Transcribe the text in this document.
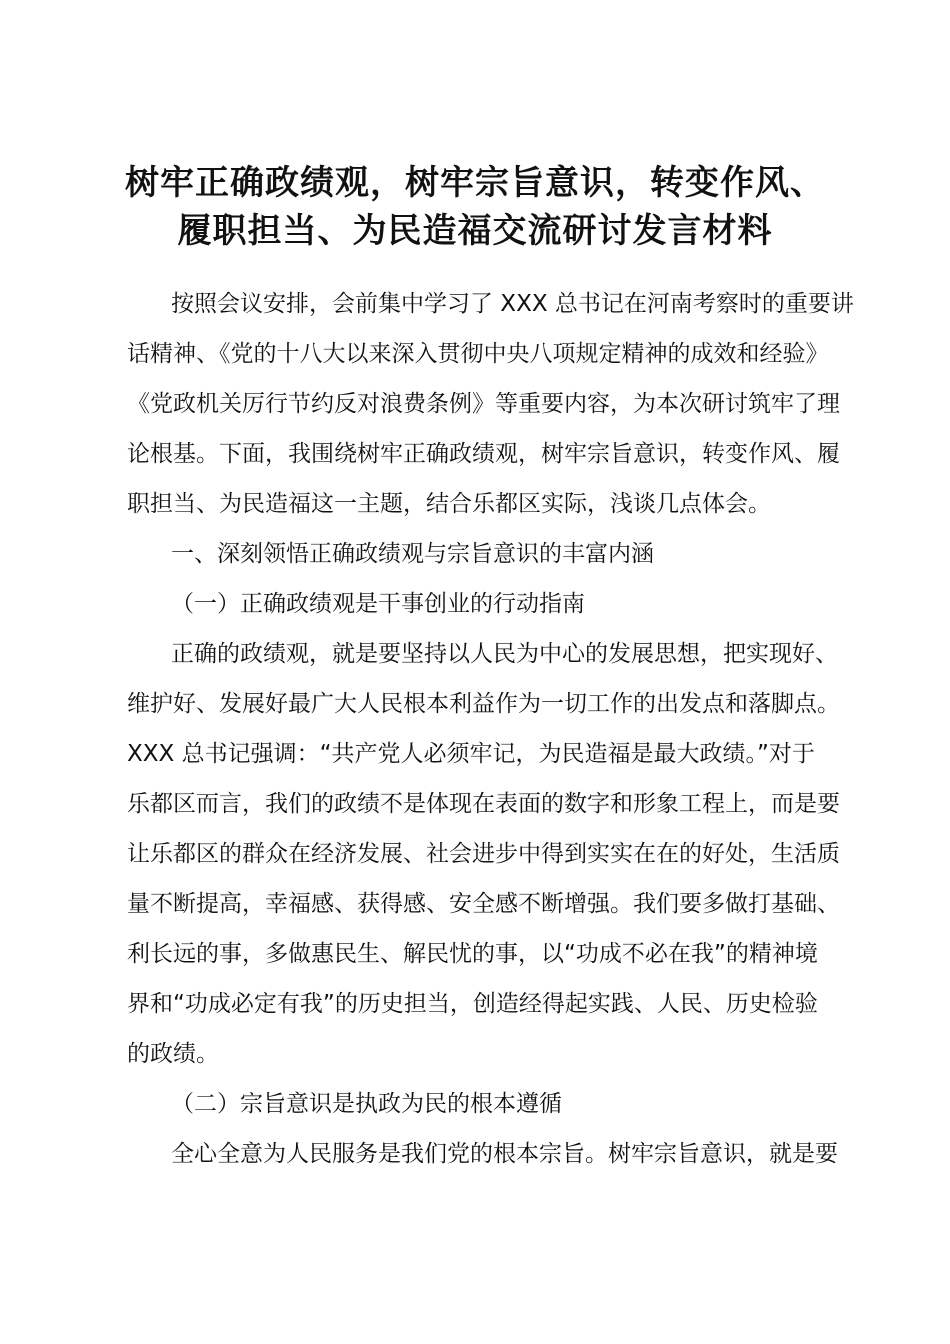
树牢正确政绩观，树牢宗旨意识，转变作风、
履职担当、为民造福交流研讨发言材料
按照会议安排，会前集中学习了 XXX 总书记在河南考察时的重要讲
话精神、《党的十八大以来深入贯彻中央八项规定精神的成效和经验》
《党政机关厉行节约反对浪费条例》等重要内容，为本次研讨筑牢了理
论根基。下面，我围绕树牢正确政绩观，树牢宗旨意识，转变作风、履
职担当、为民造福这一主题，结合乐都区实际，浅谈几点体会。
一、深刻领悟正确政绩观与宗旨意识的丰富内涵
（一）正确政绩观是干事创业的行动指南
正确的政绩观，就是要坚持以人民为中心的发展思想，把实现好、
维护好、发展好最广大人民根本利益作为一切工作的出发点和落脚点。
XXX 总书记强调：“共产党人必须牢记，为民造福是最大政绩。”对于
乐都区而言，我们的政绩不是体现在表面的数字和形象工程上，而是要
让乐都区的群众在经济发展、社会进步中得到实实在在的好处，生活质
量不断提高，幸福感、获得感、安全感不断增强。我们要多做打基础、
利长远的事，多做惠民生、解民忧的事，以“功成不必在我”的精神境
界和“功成必定有我”的历史担当，创造经得起实践、人民、历史检验
的政绩。
（二）宗旨意识是执政为民的根本遵循
全心全意为人民服务是我们党的根本宗旨。树牢宗旨意识，就是要
